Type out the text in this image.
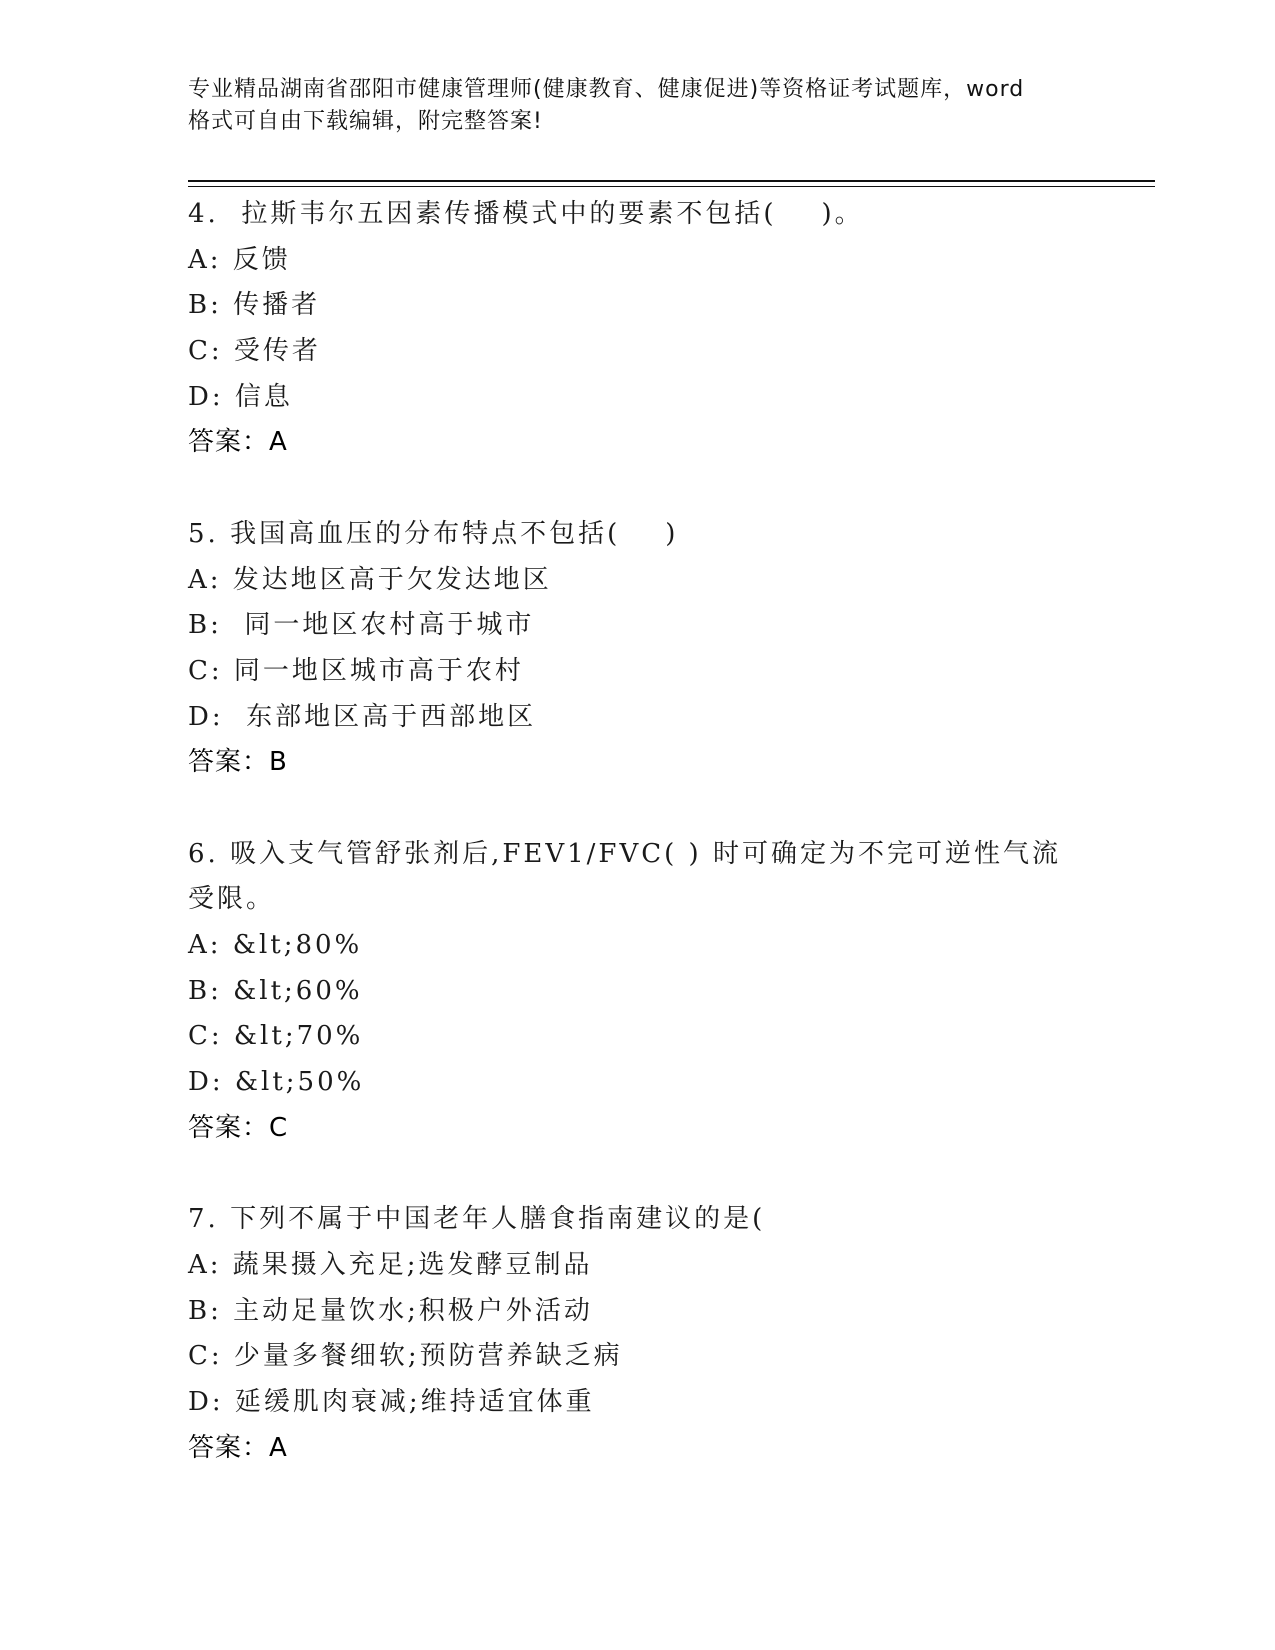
专业精品湖南省邵阳市健康管理师(健康教育、健康促进)等资格证考试题库，word
格式可自由下载编辑，附完整答案!
4.  拉斯韦尔五因素传播模式中的要素不包括(    )。
A: 反馈
B: 传播者
C: 受传者
D: 信息
答案：A
5. 我国高血压的分布特点不包括(    )
A: 发达地区高于欠发达地区
B:  同一地区农村高于城市
C: 同一地区城市高于农村
D:  东部地区高于西部地区
答案：B
6. 吸入支气管舒张剂后,FEV1/FVC( ) 时可确定为不完可逆性气流受限。
A: &lt;80%
B: &lt;60%
C: &lt;70%
D: &lt;50%
答案：C
7. 下列不属于中国老年人膳食指南建议的是(
A: 蔬果摄入充足;选发酵豆制品
B: 主动足量饮水;积极户外活动
C: 少量多餐细软;预防营养缺乏病
D: 延缓肌肉衰减;维持适宜体重
答案：A
